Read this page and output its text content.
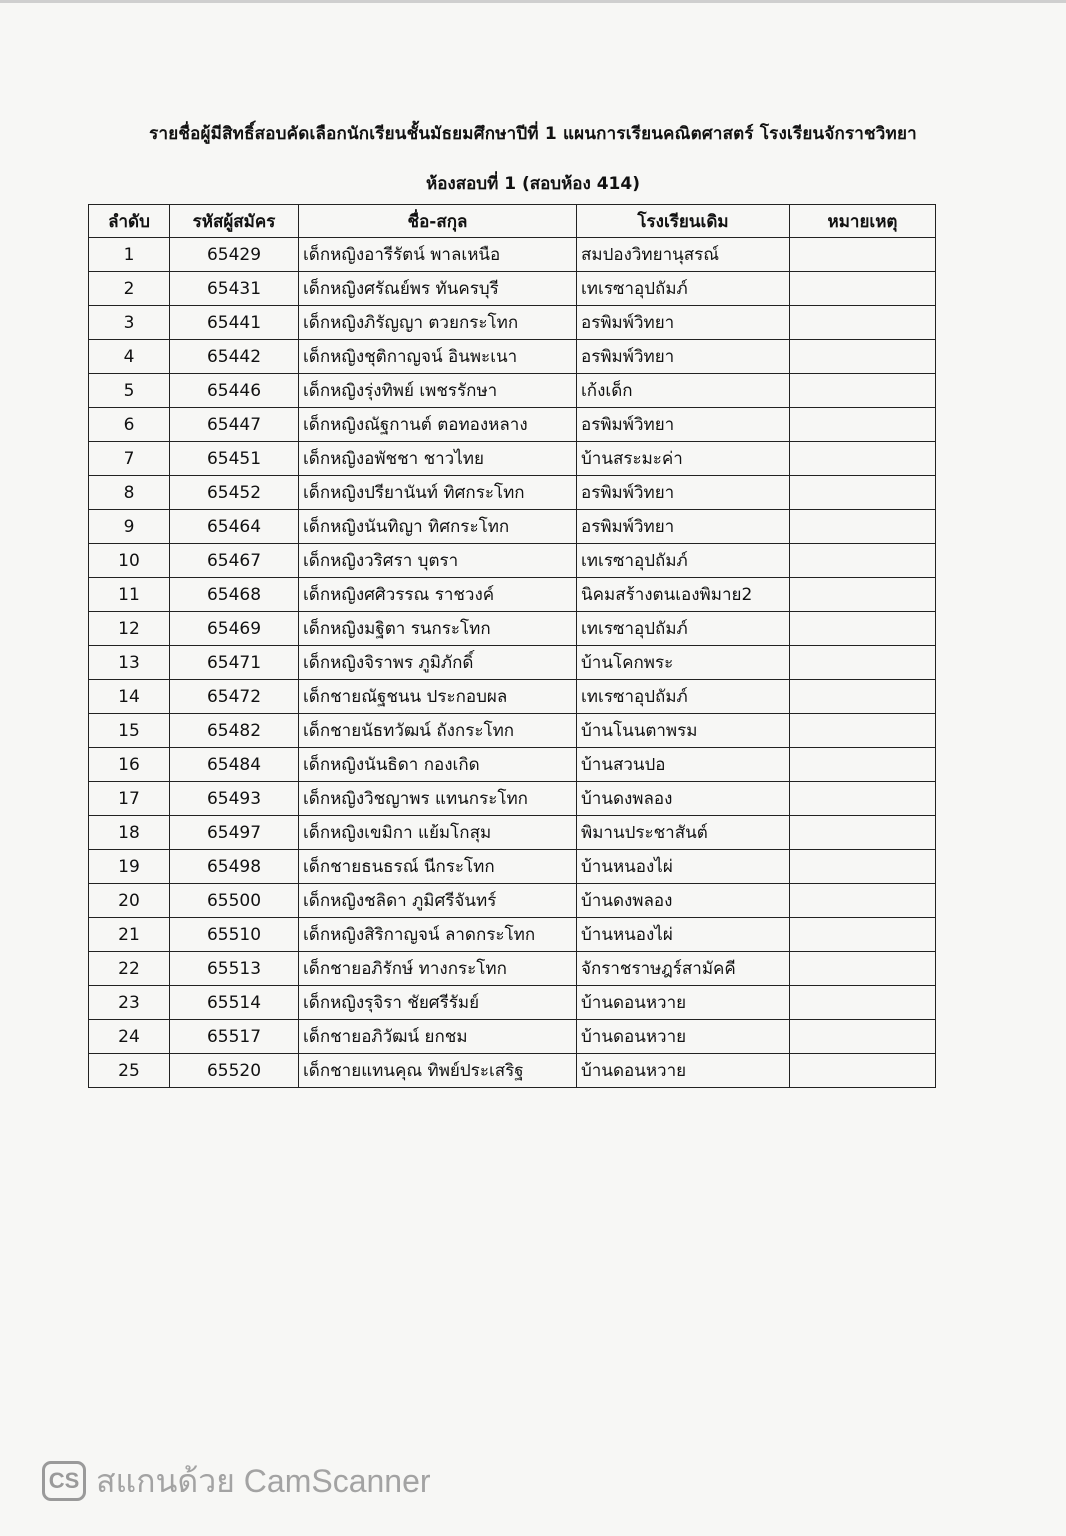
รายชื่อผู้มีสิทธิ์สอบคัดเลือกนักเรียนชั้นมัธยมศึกษาปีที่ 1 แผนการเรียนคณิตศาสตร์ โรงเรียนจักราชวิทยา
ห้องสอบที่ 1 (สอบห้อง 414)
ลำดับ	รหัสผู้สมัคร	ชื่อ-สกุล	โรงเรียนเดิม	หมายเหตุ
1	65429	เด็กหญิงอารีรัตน์ พาลเหนือ	สมปองวิทยานุสรณ์	
2	65431	เด็กหญิงศรัณย์พร ทันครบุรี	เทเรซาอุปถัมภ์	
3	65441	เด็กหญิงภิรัญญา ตวยกระโทก	อรพิมพ์วิทยา	
4	65442	เด็กหญิงชุติกาญจน์ อินพะเนา	อรพิมพ์วิทยา	
5	65446	เด็กหญิงรุ่งทิพย์ เพชรรักษา	เก้งเด็ก	
6	65447	เด็กหญิงณัฐกานต์ ตอทองหลาง	อรพิมพ์วิทยา	
7	65451	เด็กหญิงอพัชชา ชาวไทย	บ้านสระมะค่า	
8	65452	เด็กหญิงปรียานันท์ ทิศกระโทก	อรพิมพ์วิทยา	
9	65464	เด็กหญิงนันทิญา ทิศกระโทก	อรพิมพ์วิทยา	
10	65467	เด็กหญิงวริศรา บุตรา	เทเรซาอุปถัมภ์	
11	65468	เด็กหญิงศศิวรรณ ราชวงค์	นิคมสร้างตนเองพิมาย2	
12	65469	เด็กหญิงมฐิตา รนกระโทก	เทเรซาอุปถัมภ์	
13	65471	เด็กหญิงจิราพร ภูมิภักดิ์	บ้านโคกพระ	
14	65472	เด็กชายณัฐชนน ประกอบผล	เทเรซาอุปถัมภ์	
15	65482	เด็กชายนัธทวัฒน์ ถังกระโทก	บ้านโนนตาพรม	
16	65484	เด็กหญิงนันธิดา กองเกิด	บ้านสวนปอ	
17	65493	เด็กหญิงวิชญาพร แทนกระโทก	บ้านดงพลอง	
18	65497	เด็กหญิงเขมิกา แย้มโกสุม	พิมานประชาสันต์	
19	65498	เด็กชายธนธรณ์ นีกระโทก	บ้านหนองไผ่	
20	65500	เด็กหญิงชลิดา ภูมิศรีจันทร์	บ้านดงพลอง	
21	65510	เด็กหญิงสิริกาญจน์ ลาดกระโทก	บ้านหนองไผ่	
22	65513	เด็กชายอภิรักษ์ ทางกระโทก	จักราชราษฎร์สามัคคี	
23	65514	เด็กหญิงรุจิรา ชัยศรีรัมย์	บ้านดอนหวาย	
24	65517	เด็กชายอภิวัฒน์ ยกชม	บ้านดอนหวาย	
25	65520	เด็กชายแทนคุณ ทิพย์ประเสริฐ	บ้านดอนหวาย	
CS สแกนด้วย CamScanner
